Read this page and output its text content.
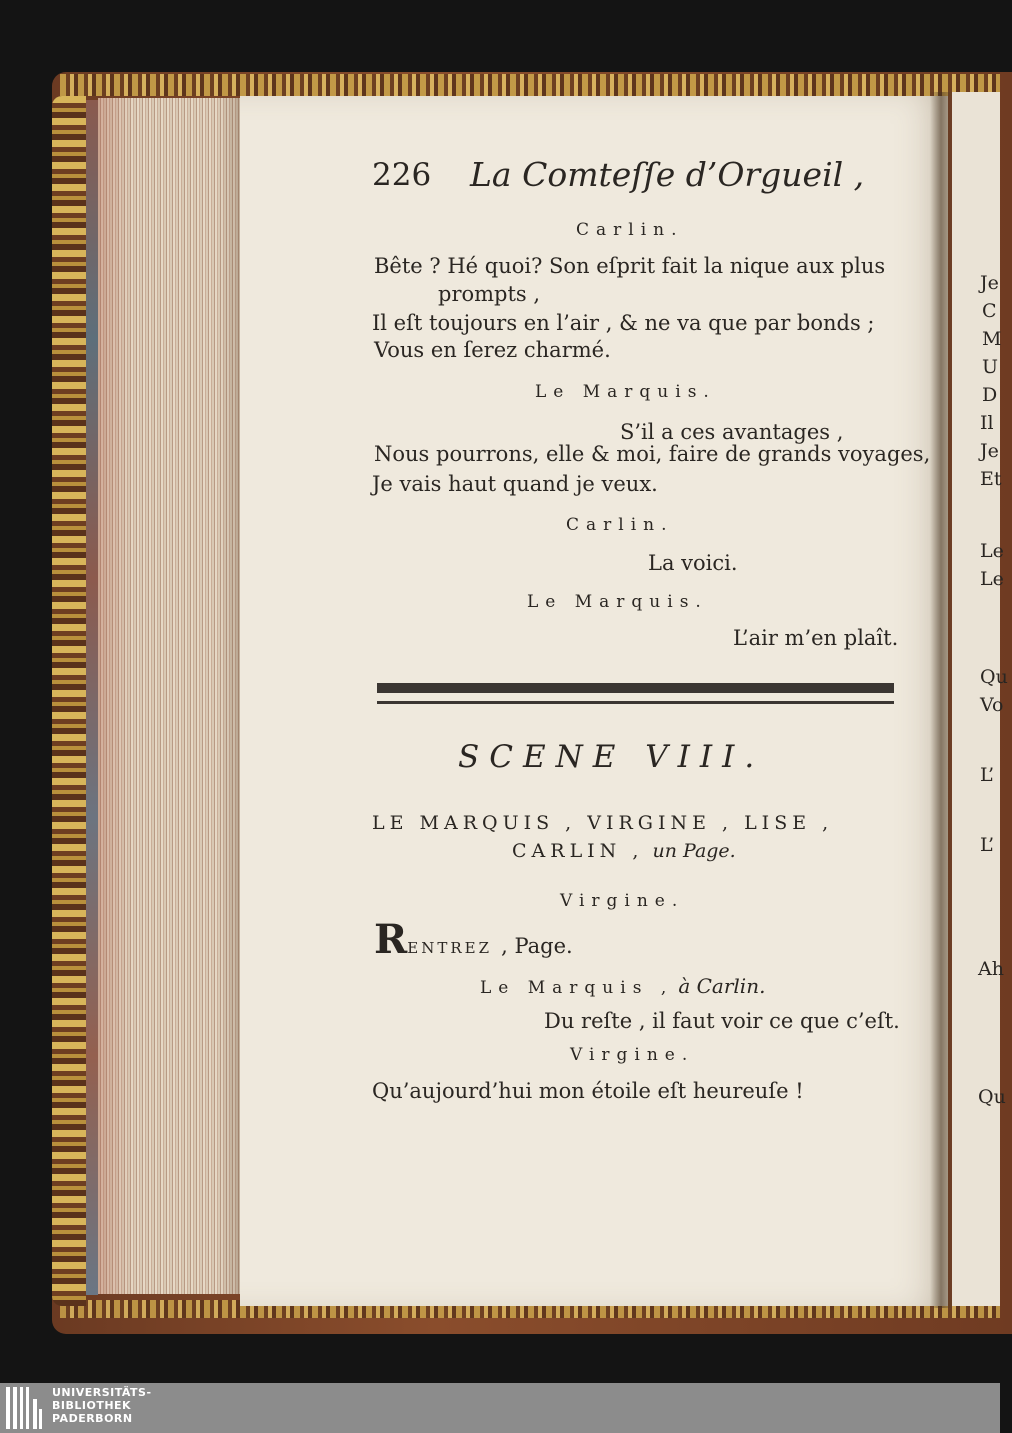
226 La Comteſſe d’Orgueil ,
Carlin.
Bête ? Hé quoi? Son eſprit fait la nique aux plus
prompts ,
Il eſt toujours en l’air , & ne va que par bonds ;
Vous en ſerez charmé.
Le Marquis.
S’il a ces avantages ,
Nous pourrons, elle & moi, faire de grands voyages,
Je vais haut quand je veux.
Carlin.
La voici.
Le Marquis.
L’air m’en plaît.
SCENE VIII.
LE MARQUIS , VIRGINE , LISE ,
CARLIN , un Page.
Virgine.
RENTREZ , Page.
Le Marquis , à Carlin.
Du reſte , il faut voir ce que c’eſt.
Virgine.
Qu’aujourd’hui mon étoile eſt heureuſe !
Je
C
M
U
D
Il
Je
Et
Le
Le
Qu
Vo
L’
L’
Ah
Qu
UNIVERSITÄTS-
BIBLIOTHEK
PADERBORN
